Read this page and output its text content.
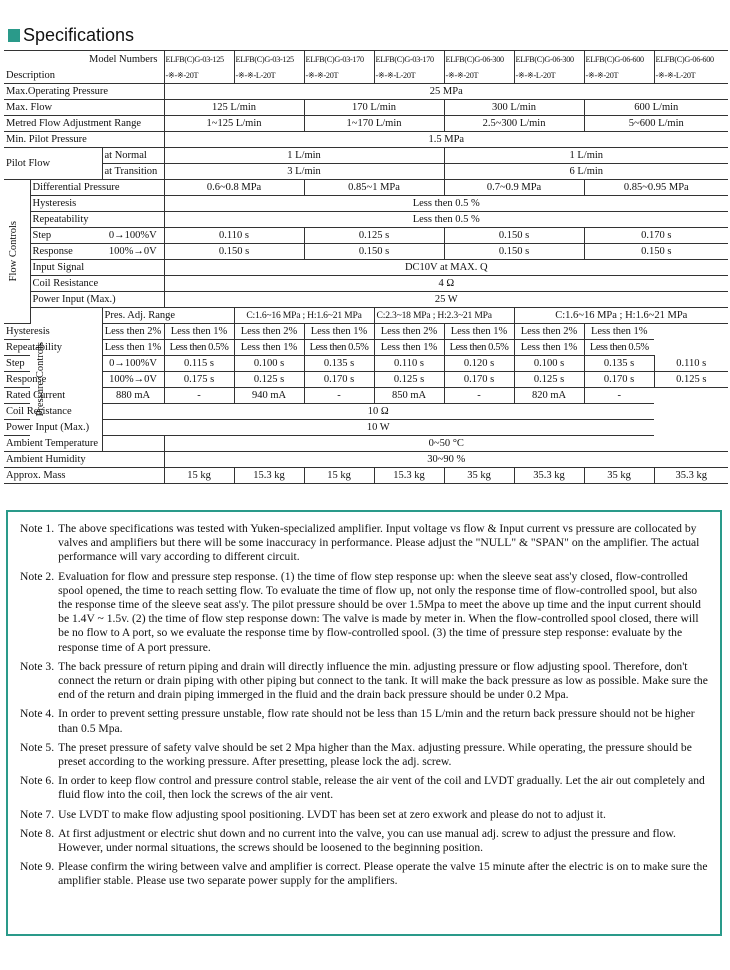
Specifications
Model Numbers			ELFB(C)G-03-125	ELFB(C)G-03-125	ELFB(C)G-03-170	ELFB(C)G-03-170	ELFB(C)G-06-300	ELFB(C)G-06-300	ELFB(C)G-06-600	ELFB(C)G-06-600
Description			-※-※-20T	-※-※-L-20T	-※-※-20T	-※-※-L-20T	-※-※-20T	-※-※-L-20T	-※-※-20T	-※-※-L-20T
Max.Operating Pressure			25 MPa							
Max. Flow			125 L/min		170 L/min		300 L/min		600 L/min	
Metred Flow Adjustment Range			1~125 L/min		1~170 L/min		2.5~300 L/min		5~600 L/min	
Min. Pilot Pressure			1.5 MPa							
Pilot Flow		at Normal	1 L/min				1 L/min			
		at Transition	3 L/min				6 L/min			

Flow Controls	Differential Pressure		0.6~0.8 MPa		0.85~1 MPa		0.7~0.9 MPa		0.85~0.95 MPa	
	Hysteresis		Less then 0.5 %							
	Repeatability		Less then 0.5 %							
	Step	0→100%V	0.110 s		0.125 s		0.150 s		0.170 s	
	Response	100%→0V	0.150 s		0.150 s		0.150 s		0.150 s	
	Input Signal		DC10V at MAX. Q							
	Coil Resistance		4 Ω							
	Power Input (Max.)		25 W							

	Pressure Controls	Pres. Adj. Range		C:1.6~16 MPa ; H:1.6~21 MPa		C:2.3~18 MPa ; H:2.3~21 MPa		C:1.6~16 MPa ; H:1.6~21 MPa		
Hysteresis		Less then 2%	Less then 1%	Less then 2%	Less then 1%	Less then 2%	Less then 1%	Less then 2%	Less then 1%	
Repeatability		Less then 1%	Less then 0.5%	Less then 1%	Less then 0.5%	Less then 1%	Less then 0.5%	Less then 1%	Less then 0.5%	
Step		0→100%V	0.115 s	0.100 s	0.135 s	0.110 s	0.120 s	0.100 s	0.135 s	0.110 s
Response		100%→0V	0.175 s	0.125 s	0.170 s	0.125 s	0.170 s	0.125 s	0.170 s	0.125 s
Rated Current		880 mA	-	940 mA	-	850 mA	-	820 mA	-	
Coil Resistance		10 Ω								
Power Input (Max.)		10 W								
Ambient Temperature			0~50 °C							
Ambient Humidity			30~90 %							
Approx. Mass			15 kg	15.3 kg	15 kg	15.3 kg	35 kg	35.3 kg	35 kg	35.3 kg
Note 1. The above specifications was tested with Yuken-specialized amplifier. Input voltage vs flow & Input current vs pressure are collocated by valves and amplifiers but there will be some inaccuracy in performance. Please adjust the "NULL" & "SPAN" on the amplifier. The actual performance will vary according to different circuit.
Note 2. Evaluation for flow and pressure step response. (1) the time of flow step response up: when the sleeve seat ass'y closed, flow-controlled spool opened, the time to reach setting flow. To evaluate the time of flow up, not only the response time of flow-controlled spool, but also the response time of the sleeve seat ass'y. The pilot pressure should be over 1.5Mpa to meet the above up time and the input current should be 1.4V ~ 1.5v. (2) the time of flow step response down: The valve is made by meter in. When the flow-controlled spool closed, there will be no flow to A port, so we evaluate the response time by flow-controlled spool. (3) the time of pressure step response: evaluate by the response time of A port pressure.
Note 3. The back pressure of return piping and drain will directly influence the min. adjusting pressure or flow adjusting spool. Therefore, don't connect the return or drain piping with other piping but connect to the tank. It will make the back pressure as low as possible. Make sure the end of the return and drain piping immerged in the fluid and the drain back pressure should be under 0.2 Mpa.
Note 4. In order to prevent setting pressure unstable, flow rate should not be less than 15 L/min and the return back pressure should not be higher than 0.5 Mpa.
Note 5. The preset pressure of safety valve should be set 2 Mpa higher than the Max. adjusting pressure. While operating, the pressure should be preset according to the working pressure. After presetting, please lock the adj. screw.
Note 6. In order to keep flow control and pressure control stable, release the air vent of the coil and LVDT gradually. Let the air out completely and fluid flow into the coil, then lock the screws of the air vent.
Note 7. Use LVDT to make flow adjusting spool positioning. LVDT has been set at zero exwork and please do not to adjust it.
Note 8. At first adjustment or electric shut down and no current into the valve, you can use manual adj. screw to adjust the pressure and flow. However, under normal situations, the screws should be loosened to the beginning position.
Note 9. Please confirm the wiring between valve and amplifier is correct. Please operate the valve 15 minute after the electric is on to make sure the amplifier stable. Please use two separate power supply for the amplifiers.
